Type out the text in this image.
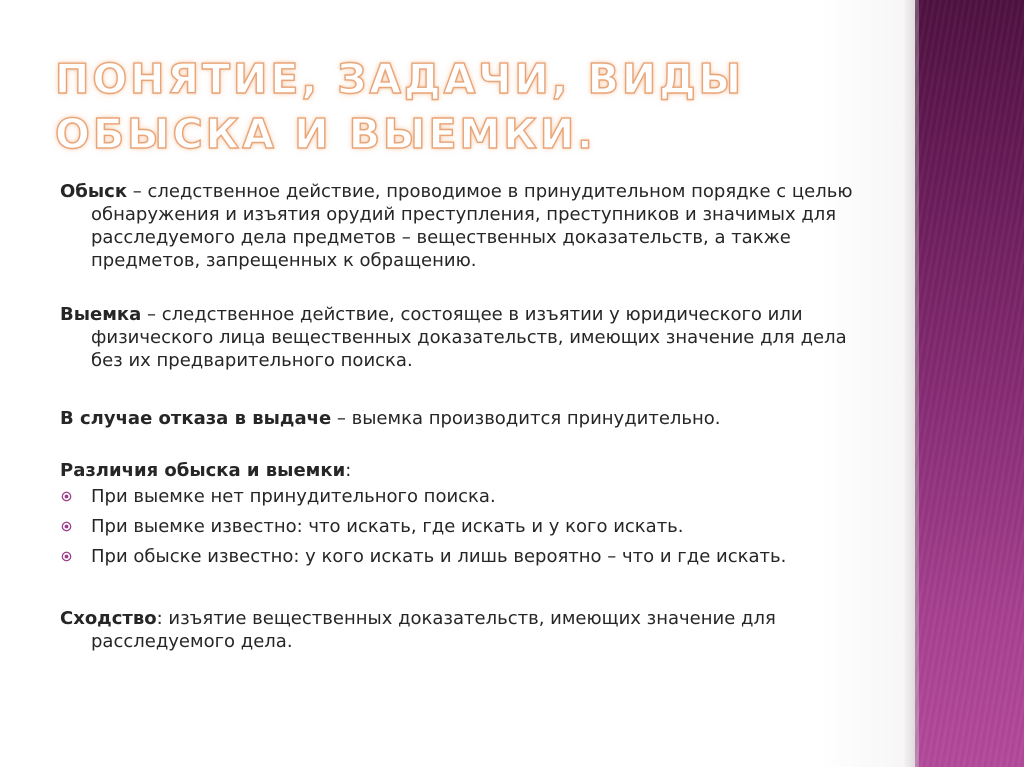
ПОНЯТИЕ, ЗАДАЧИ, ВИДЫ
ОБЫСКА И ВЫЕМКИ.

Обыск – следственное действие, проводимое в принудительном порядке с целью обнаружения и изъятия орудий преступления, преступников и значимых для расследуемого дела предметов – вещественных доказательств, а также предметов, запрещенных к обращению.

Выемка – следственное действие, состоящее в изъятии у юридического или физического лица вещественных доказательств, имеющих значение для дела без их предварительного поиска.

В случае отказа в выдаче – выемка производится принудительно.

Различия обыска и выемки:

При выемке нет принудительного поиска.
При выемке известно: что искать, где искать и у кого искать.
При обыске известно: у кого искать и лишь вероятно – что и где искать.

Сходство: изъятие вещественных доказательств, имеющих значение для расследуемого дела.
